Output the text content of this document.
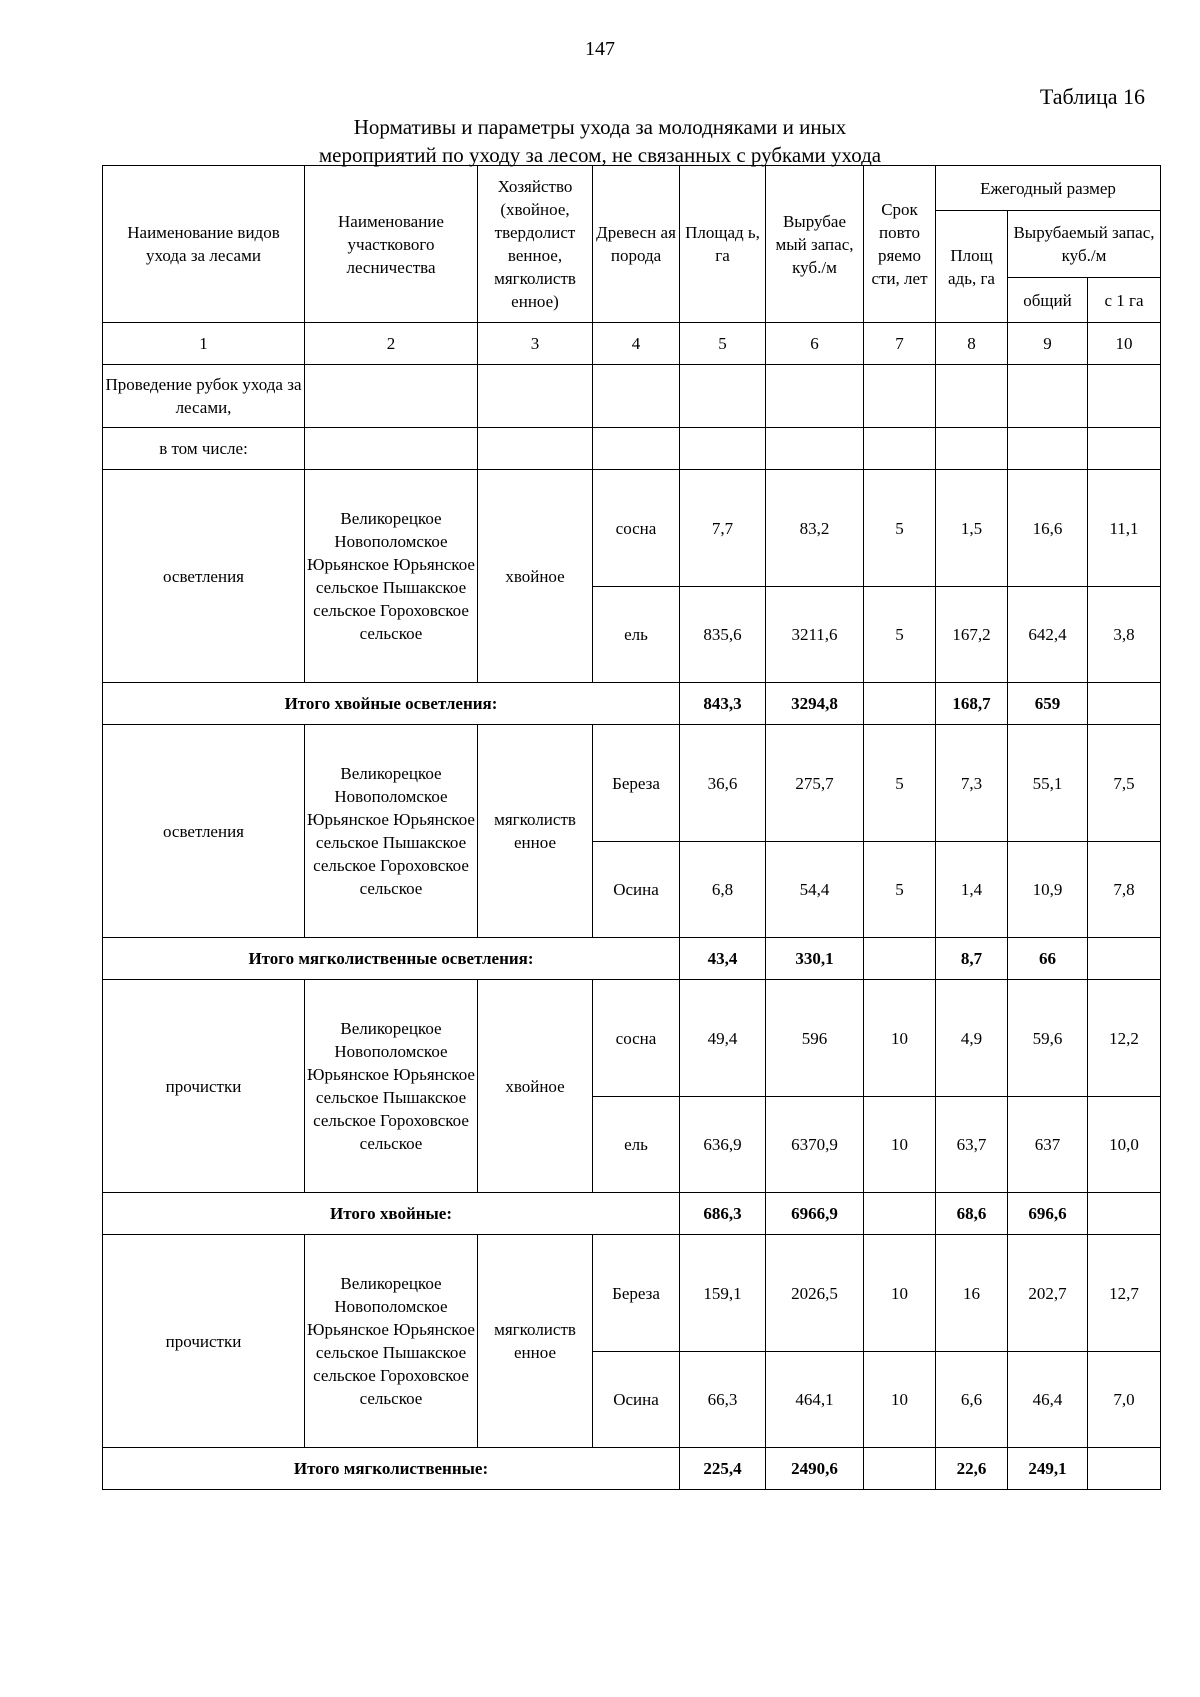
147
Таблица 16
Нормативы и параметры ухода за молодняками и иных
мероприятий по уходу за лесом, не связанных с рубками ухода
Наименование видов ухода за лесами	Наименование участкового лесничества	Хозяйство (хвойное, твердолист венное, мягколиств енное)	Древесн ая порода	Площад ь, га	Вырубае мый запас, куб./м	Срок повто ряемо сти, лет	Ежегодный размер		
							Площ адь, га	Вырубаемый запас, куб./м	
								общий	с 1 га
1	2	3	4	5	6	7	8	9	10
Проведение рубок ухода за лесами,									
в том числе:									
осветления	Великорецкое Новополомское Юрьянское Юрьянское сельское Пышакское сельское Гороховское сельское	хвойное	сосна	7,7	83,2	5	1,5	16,6	11,1
			ель	835,6	3211,6	5	167,2	642,4	3,8
Итого хвойные осветления:				843,3	3294,8		168,7	659	
осветления	Великорецкое Новополомское Юрьянское Юрьянское сельское Пышакское сельское Гороховское сельское	мягколиств енное	Береза	36,6	275,7	5	7,3	55,1	7,5
			Осина	6,8	54,4	5	1,4	10,9	7,8
Итого мягколиственные осветления:				43,4	330,1		8,7	66	
прочистки	Великорецкое Новополомское Юрьянское Юрьянское сельское Пышакское сельское Гороховское сельское	хвойное	сосна	49,4	596	10	4,9	59,6	12,2
			ель	636,9	6370,9	10	63,7	637	10,0
Итого хвойные:				686,3	6966,9		68,6	696,6	
прочистки	Великорецкое Новополомское Юрьянское Юрьянское сельское Пышакское сельское Гороховское сельское	мягколиств енное	Береза	159,1	2026,5	10	16	202,7	12,7
			Осина	66,3	464,1	10	6,6	46,4	7,0
Итого мягколиственные:				225,4	2490,6		22,6	249,1	
